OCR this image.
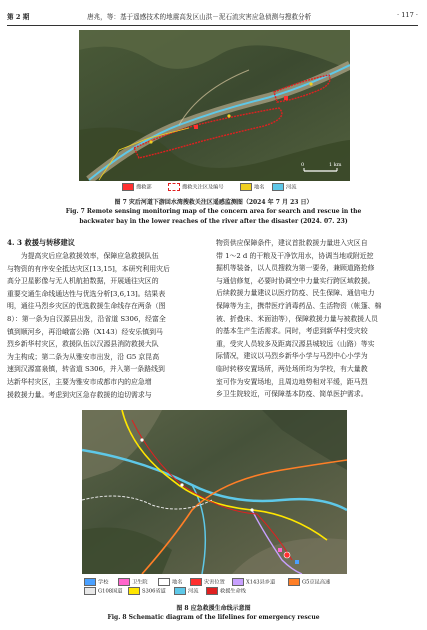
第 2 期	唐兆，等：基于遥感技术的地震高发区山洪－泥石流灾害应急侦测与搜救分析	· 117 ·
0	1 km
搜救部	搜救关注区及编号	地名	河流
图 7 灾后河道下游回水湾搜救关注区遥感监测图（2024 年 7 月 23 日）
Fig. 7 Remote sensing monitoring map of the concern area for search and rescue in the
backwater bay in the lower reaches of the river after the disaster (2024. 07. 23)
4. 3 救援与转移建议
　　为提高灾后应急救援效率，保障应急救援队伍
与物资的有序安全抵达灾区[13,15]，本研究利用灾后
高分卫星影像与无人机航拍数据，开展通往灾区的
重要交通生命线通达性与优选分析[3,6,13]。结果表
明，通往马烈乡灾区的优选救援生命线存在两条（图
8）：第一条为自汉源县出发，沿省道 S306，经富全
镇到顺河乡，再沿峨富公路（X143）经安乐镇到马
烈乡新华村灾区，救援队伍以汉源县消防救援大队
为主构成；第二条为从雅安市出发，沿 G5 京昆高
速到汉源富泉镇，转省道 S306，并入第一条路线到
达新华村灾区，主要为雅安市成都市内的应急增
援救援力量。考虑到灾区急存救援的迫切需求与
物资供应保障条件，建议首批救援力量进入灾区自
带 1～2 d 的干粮及干净饮用水，协调当地或附近挖
掘机等装备，以人员搜救为第一要务，兼顾道路抢修
与通信修复，必要时协调空中力量实行跨区域救援。
后续救援力量建议以医疗防疫、民生保障、通信电力
保障等为主，携带医疗消毒药品、生活物资（帐篷、棉
被、折叠床、米面油等），保障救援力量与被救援人员
的基本生产生活需求。同时，考虑到新华村受灾较
重，受灾人员较多及距离汉源县城较远（山路）等实
际情况，建议以马烈乡新华小学与马烈中心小学为
临时转移安置场所，两处场所均为学校，有大量教
室可作为安置场地，且周边地势相对平缓，距马烈
乡卫生院较近，可保障基本防疫、简单医护需求。
学校	卫生院	地名	灾害位置	X143县乡道	G5京昆高速
G108国道	S306省道	河流	救援生命线
图 8 应急救援生命线示意图
Fig. 8 Schematic diagram of the lifelines for emergency rescue
